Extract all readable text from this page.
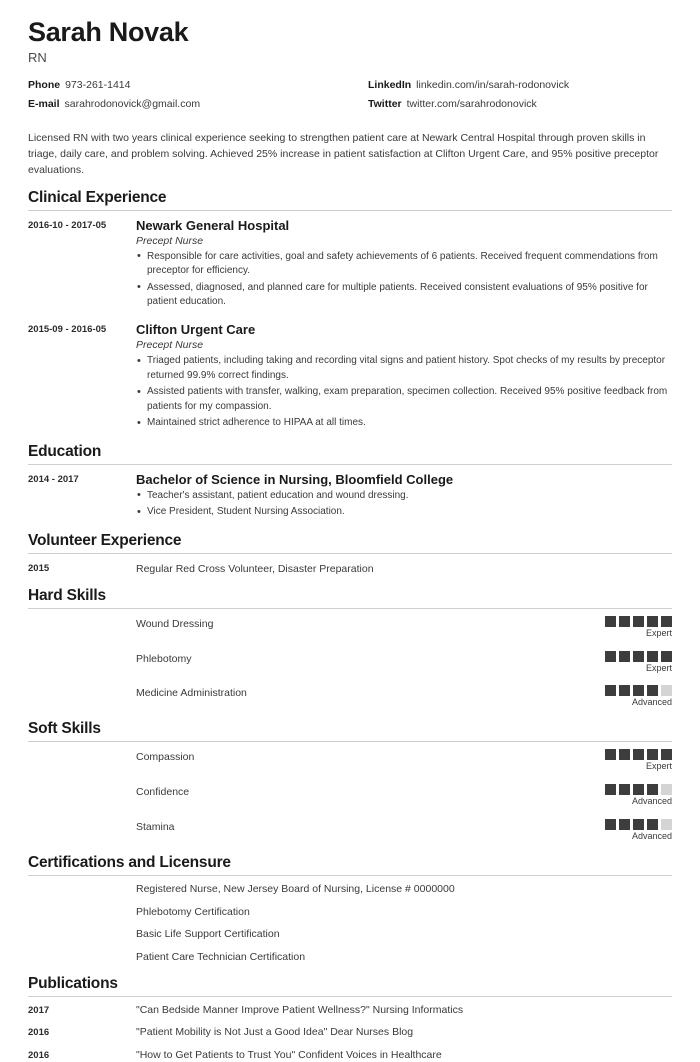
Sarah Novak
RN
Phone 973-261-1414
E-mail sarahrodonovick@gmail.com
LinkedIn linkedin.com/in/sarah-rodonovick
Twitter twitter.com/sarahrodonovick
Licensed RN with two years clinical experience seeking to strengthen patient care at Newark Central Hospital through proven skills in triage, daily care, and problem solving. Achieved 25% increase in patient satisfaction at Clifton Urgent Care, and 95% positive preceptor evaluations.
Clinical Experience
2016-10 - 2017-05	Newark General Hospital
Precept Nurse
• Responsible for care activities, goal and safety achievements of 6 patients. Received frequent commendations from preceptor for efficiency.
• Assessed, diagnosed, and planned care for multiple patients. Received consistent evaluations of 95% positive for patient education.
2015-09 - 2016-05	Clifton Urgent Care
Precept Nurse
• Triaged patients, including taking and recording vital signs and patient history. Spot checks of my results by preceptor returned 99.9% correct findings.
• Assisted patients with transfer, walking, exam preparation, specimen collection. Received 95% positive feedback from patients for my compassion.
• Maintained strict adherence to HIPAA at all times.
Education
2014 - 2017	Bachelor of Science in Nursing, Bloomfield College
• Teacher's assistant, patient education and wound dressing.
• Vice President, Student Nursing Association.
Volunteer Experience
2015	Regular Red Cross Volunteer, Disaster Preparation
Hard Skills
Wound Dressing
Expert
Phlebotomy
Expert
Medicine Administration
Advanced
Soft Skills
Compassion
Expert
Confidence
Advanced
Stamina
Advanced
Certifications and Licensure
Registered Nurse, New Jersey Board of Nursing, License # 0000000
Phlebotomy Certification
Basic Life Support Certification
Patient Care Technician Certification
Publications
2017	"Can Bedside Manner Improve Patient Wellness?" Nursing Informatics
2016	"Patient Mobility is Not Just a Good Idea" Dear Nurses Blog
2016	"How to Get Patients to Trust You" Confident Voices in Healthcare
